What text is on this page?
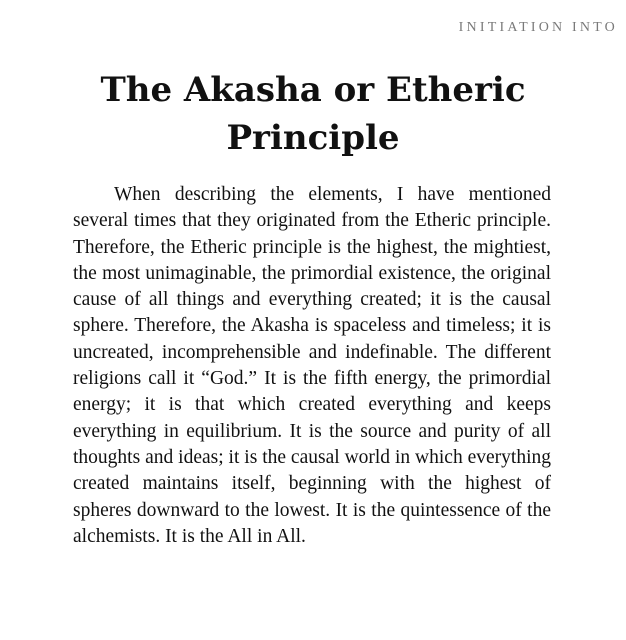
INITIATION INTO
The Akasha or Etheric Principle

When describing the elements, I have mentioned several times that they originated from the Etheric principle. Therefore, the Etheric principle is the highest, the mightiest, the most unimaginable, the primordial existence, the original cause of all things and everything created; it is the causal sphere. Therefore, the Akasha is spaceless and timeless; it is uncreated, incomprehensible and indefinable. The different religions call it “God.” It is the fifth energy, the primordial energy; it is that which created everything and keeps everything in equilibrium. It is the source and purity of all thoughts and ideas; it is the causal world in which everything created maintains itself, beginning with the highest of spheres downward to the lowest. It is the quintessence of the alchemists. It is the All in All.
